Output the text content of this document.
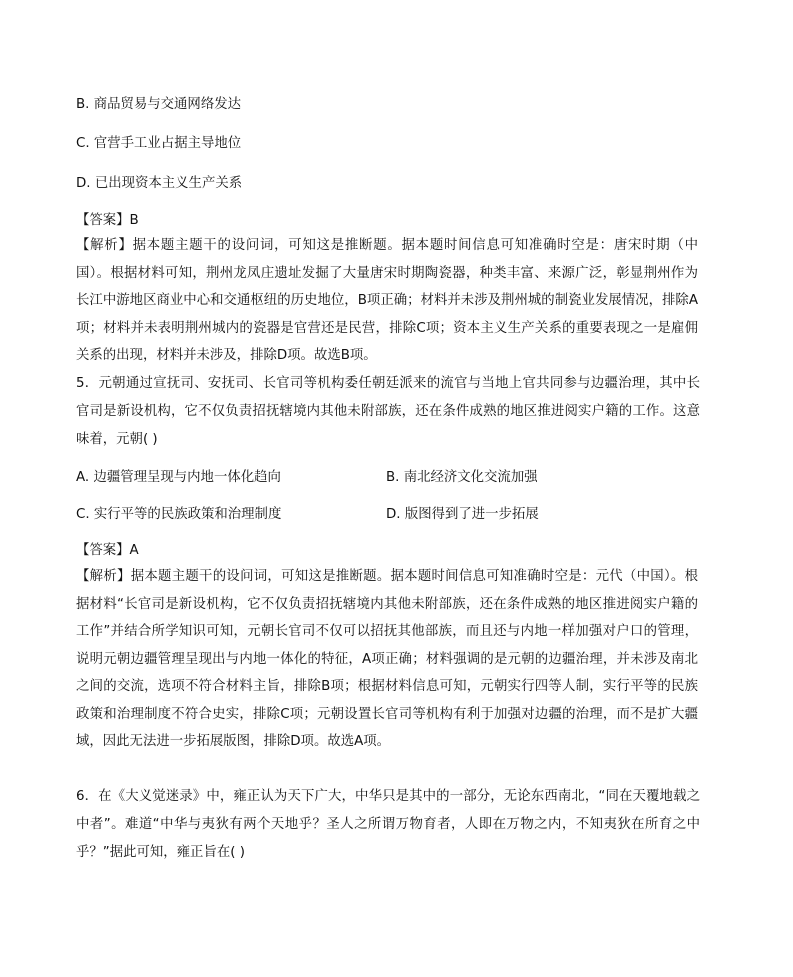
B. 商品贸易与交通网络发达
C. 官营手工业占据主导地位
D. 已出现资本主义生产关系
【答案】B
【解析】据本题主题干的设问词，可知这是推断题。据本题时间信息可知准确时空是：唐宋时期（中国）。根据材料可知，荆州龙凤庄遗址发掘了大量唐宋时期陶瓷器，种类丰富、来源广泛，彰显荆州作为长江中游地区商业中心和交通枢纽的历史地位，B项正确；材料并未涉及荆州城的制瓷业发展情况，排除A项；材料并未表明荆州城内的瓷器是官营还是民营，排除C项；资本主义生产关系的重要表现之一是雇佣关系的出现，材料并未涉及，排除D项。故选B项。
5．元朝通过宣抚司、安抚司、长官司等机构委任朝廷派来的流官与当地上官共同参与边疆治理，其中长官司是新设机构，它不仅负责招抚辖境内其他未附部族，还在条件成熟的地区推进阅实户籍的工作。这意味着，元朝( )
A. 边疆管理呈现与内地一体化趋向	B. 南北经济文化交流加强
C. 实行平等的民族政策和治理制度	D. 版图得到了进一步拓展
【答案】A
【解析】据本题主题干的设问词，可知这是推断题。据本题时间信息可知准确时空是：元代（中国）。根据材料“长官司是新设机构，它不仅负责招抚辖境内其他未附部族，还在条件成熟的地区推进阅实户籍的工作”并结合所学知识可知，元朝长官司不仅可以招抚其他部族，而且还与内地一样加强对户口的管理，说明元朝边疆管理呈现出与内地一体化的特征，A项正确；材料强调的是元朝的边疆治理，并未涉及南北之间的交流，选项不符合材料主旨，排除B项；根据材料信息可知，元朝实行四等人制，实行平等的民族政策和治理制度不符合史实，排除C项；元朝设置长官司等机构有利于加强对边疆的治理，而不是扩大疆域，因此无法进一步拓展版图，排除D项。故选A项。
6．在《大义觉迷录》中，雍正认为天下广大，中华只是其中的一部分，无论东西南北，“同在天覆地载之中者”。难道“中华与夷狄有两个天地乎？圣人之所谓万物育者，人即在万物之内，不知夷狄在所育之中乎？”据此可知，雍正旨在( )
